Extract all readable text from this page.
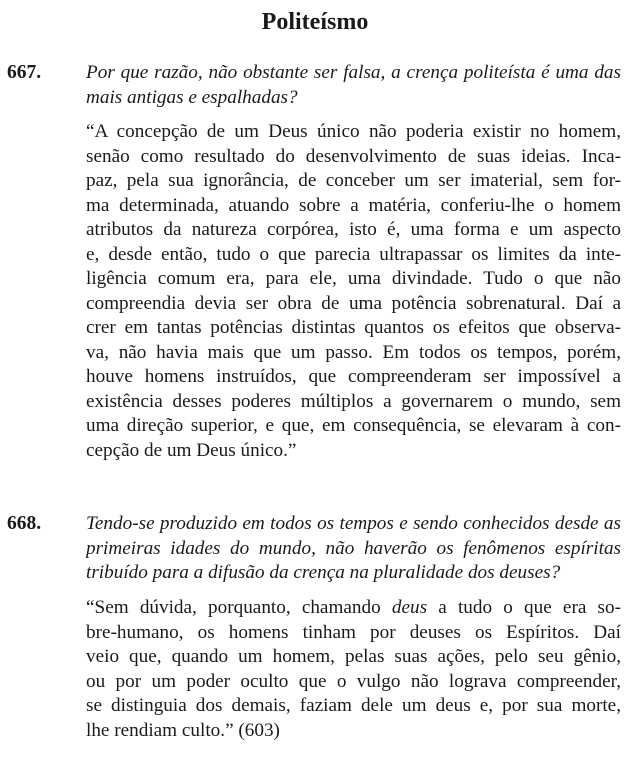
Politeísmo
667. Por que razão, não obstante ser falsa, a crença politeísta é uma das
mais antigas e espalhadas?
“A concepção de um Deus único não poderia existir no homem,
senão como resultado do desenvolvimento de suas ideias. Inca-
paz, pela sua ignorância, de conceber um ser imaterial, sem for-
ma determinada, atuando sobre a matéria, conferiu-lhe o homem
atributos da natureza corpórea, isto é, uma forma e um aspecto
e, desde então, tudo o que parecia ultrapassar os limites da inte-
ligência comum era, para ele, uma divindade. Tudo o que não
compreendia devia ser obra de uma potência sobrenatural. Daí a
crer em tantas potências distintas quantos os efeitos que observa-
va, não havia mais que um passo. Em todos os tempos, porém,
houve homens instruídos, que compreenderam ser impossível a
existência desses poderes múltiplos a governarem o mundo, sem
uma direção superior, e que, em consequência, se elevaram à con-
cepção de um Deus único.”
668. Tendo-se produzido em todos os tempos e sendo conhecidos desde as
primeiras idades do mundo, não haverão os fenômenos espíritas
tribuído para a difusão da crença na pluralidade dos deuses?
“Sem dúvida, porquanto, chamando deus a tudo o que era so-
bre-humano, os homens tinham por deuses os Espíritos. Daí
veio que, quando um homem, pelas suas ações, pelo seu gênio,
ou por um poder oculto que o vulgo não lograva compreender,
se distinguia dos demais, faziam dele um deus e, por sua morte,
lhe rendiam culto.” (603)
